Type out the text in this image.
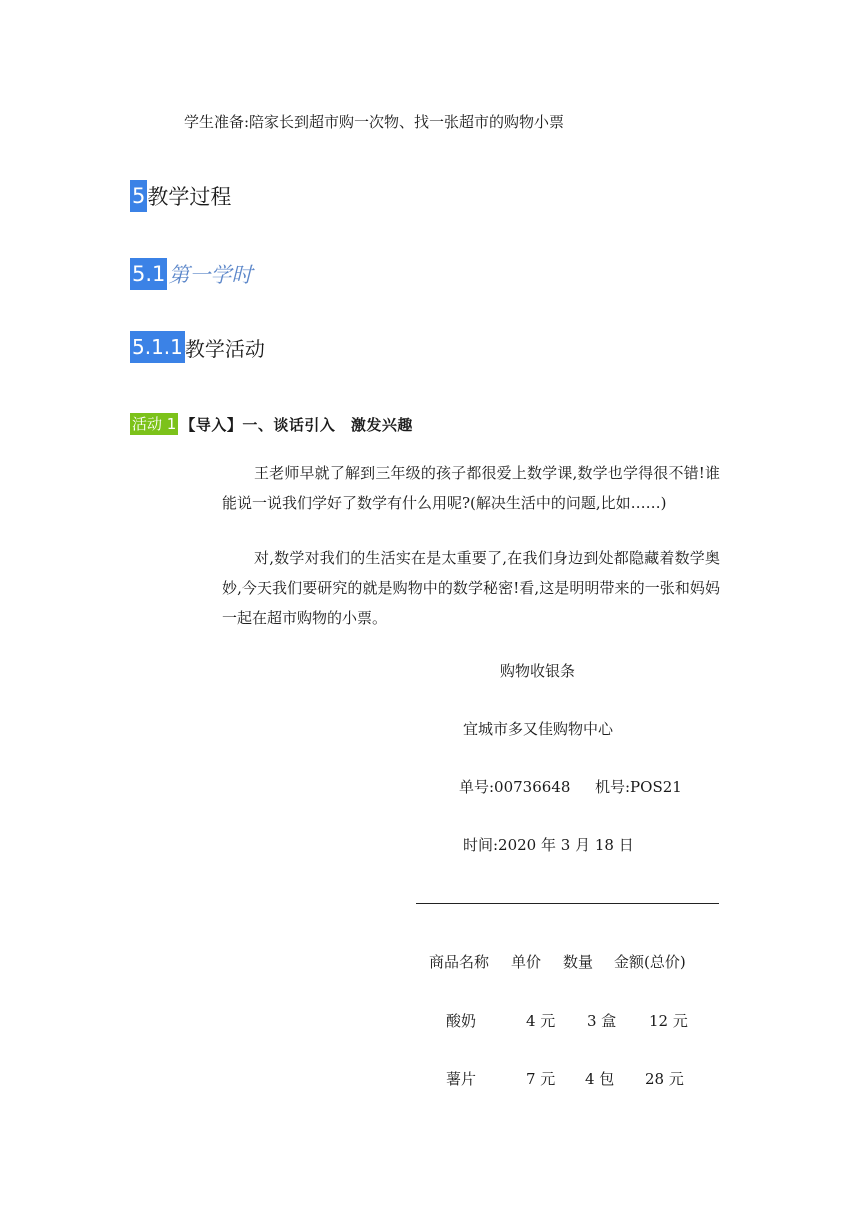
学生准备:陪家长到超市购一次物、找一张超市的购物小票
5 教学过程
5.1 第一学时
5.1.1 教学活动
活动 1 【导入】一、谈话引入　激发兴趣
王老师早就了解到三年级的孩子都很爱上数学课,数学也学得很不错!谁能说一说我们学好了数学有什么用呢?(解决生活中的问题,比如……)
对,数学对我们的生活实在是太重要了,在我们身边到处都隐藏着数学奥妙,今天我们要研究的就是购物中的数学秘密!看,这是明明带来的一张和妈妈一起在超市购物的小票。
购物收银条
宜城市多又佳购物中心
单号:00736648 机号:POS21
时间:2020 年 3 月 18 日
商品名称 单价 数量 金额(总价)
酸奶	4 元 3 盒 12 元
薯片	7 元 4 包 28 元
